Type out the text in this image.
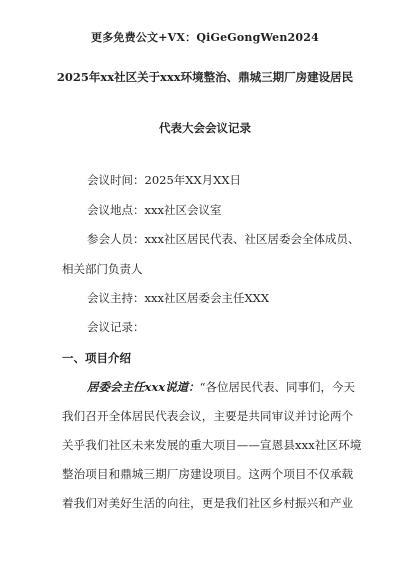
更多免费公文+VX：QiGeGongWen2024
2025年xx社区关于xxx环境整治、鼎城三期厂房建设居民
代表大会会议记录
会议时间：2025年XX月XX日
会议地点：xxx社区会议室
参会人员：xxx社区居民代表、社区居委会全体成员、
相关部门负责人
会议主持：xxx社区居委会主任XXX
会议记录：
一、项目介绍
居委会主任xxx说道：“各位居民代表、同事们，今天
我们召开全体居民代表会议，主要是共同审议并讨论两个
关乎我们社区未来发展的重大项目——宣恩县xxx社区环境
整治项目和鼎城三期厂房建设项目。这两个项目不仅承载
着我们对美好生活的向往，更是我们社区乡村振兴和产业
